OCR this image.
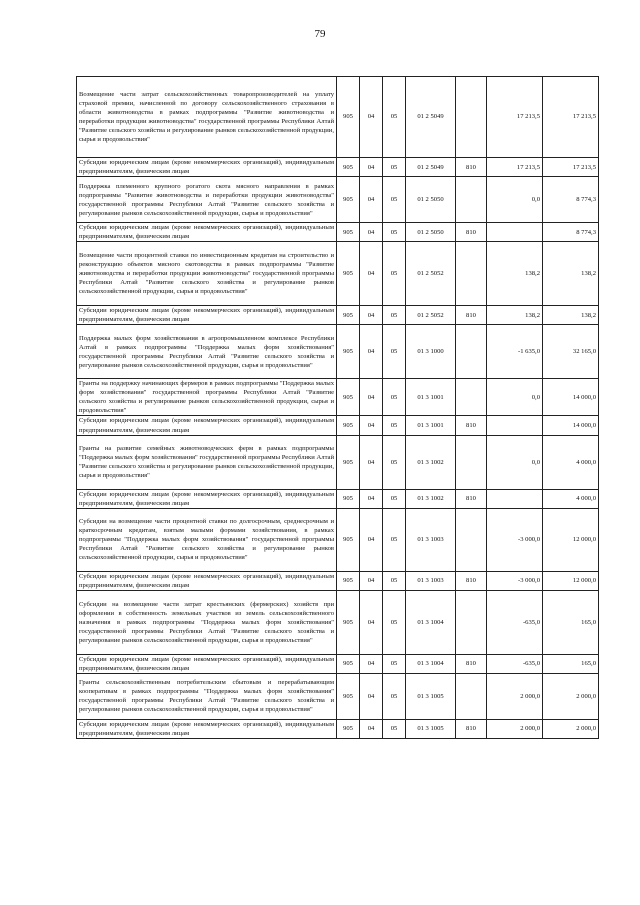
79
Возмещение части затрат сельскохозяйственных товаропроизводителей на уплату страховой премии, начисленной по договору сельскохозяйственного страхования в области животноводства в рамках подпрограммы "Развитие животноводства и переработки продукции животноводства" государственной программы Республики Алтай "Развитие сельского хозяйства и регулирование рынков сельскохозяйственной продукции, сырья и продовольствия"	905	04	05	01 2 5049		17 213,5	17 213,5
Субсидии юридическим лицам (кроме некоммерческих организаций), индивидуальным предпринимателям, физическим лицам	905	04	05	01 2 5049	810	17 213,5	17 213,5
Поддержка племенного крупного рогатого скота мясного направления в рамках подпрограммы "Развитие животноводства и переработки продукции животноводства" государственной программы Республики Алтай "Развитие сельского хозяйства и регулирование рынков сельскохозяйственной продукции, сырья и продовольствия"	905	04	05	01 2 5050		0,0	8 774,3
Субсидии юридическим лицам (кроме некоммерческих организаций), индивидуальным предпринимателям, физическим лицам	905	04	05	01 2 5050	810		8 774,3
Возмещение части процентной ставки по инвестиционным кредитам на строительство и реконструкцию объектов мясного скотоводства в рамках подпрограммы "Развитие животноводства и переработки продукции животноводства" государственной программы Республики Алтай "Развитие сельского хозяйства и регулирование рынков сельскохозяйственной продукции, сырья и продовольствия"	905	04	05	01 2 5052		138,2	138,2
Субсидии юридическим лицам (кроме некоммерческих организаций), индивидуальным предпринимателям, физическим лицам	905	04	05	01 2 5052	810	138,2	138,2
Поддержка малых форм хозяйствования в агропромышленном комплексе Республики Алтай в рамках подпрограммы "Поддержка малых форм хозяйствования" государственной программы Республики Алтай "Развитие сельского хозяйства и регулирование рынков сельскохозяйственной продукции, сырья и продовольствия"	905	04	05	01 3 1000		-1 635,0	32 165,0
Гранты на поддержку начинающих фермеров в рамках подпрограммы "Поддержка малых форм хозяйствования" государственной программы Республики Алтай "Развитие сельского хозяйства и регулирование рынков сельскохозяйственной продукции, сырья и продовольствия"	905	04	05	01 3 1001		0,0	14 000,0
Субсидии юридическим лицам (кроме некоммерческих организаций), индивидуальным предпринимателям, физическим лицам	905	04	05	01 3 1001	810		14 000,0
Гранты на развитие семейных животноводческих ферм в рамках подпрограммы "Поддержка малых форм хозяйствования" государственной программы Республики Алтай "Развитие сельского хозяйства и регулирование рынков сельскохозяйственной продукции, сырья и продовольствия"	905	04	05	01 3 1002		0,0	4 000,0
Субсидии юридическим лицам (кроме некоммерческих организаций), индивидуальным предпринимателям, физическим лицам	905	04	05	01 3 1002	810		4 000,0
Субсидии на возмещение части процентной ставки по долгосрочным, среднесрочным и краткосрочным кредитам, взятым малыми формами хозяйствования, в рамках подпрограммы "Поддержка малых форм хозяйствования" государственной программы Республики Алтай "Развитие сельского хозяйства и регулирование рынков сельскохозяйственной продукции, сырья и продовольствия"	905	04	05	01 3 1003		-3 000,0	12 000,0
Субсидии юридическим лицам (кроме некоммерческих организаций), индивидуальным предпринимателям, физическим лицам	905	04	05	01 3 1003	810	-3 000,0	12 000,0
Субсидии на возмещение части затрат крестьянских (фермерских) хозяйств при оформлении в собственность земельных участков из земель сельскохозяйственного назначения в рамках подпрограммы "Поддержка малых форм хозяйствования" государственной программы Республики Алтай "Развитие сельского хозяйства и регулирование рынков сельскохозяйственной продукции, сырья и продовольствия"	905	04	05	01 3 1004		-635,0	165,0
Субсидии юридическим лицам (кроме некоммерческих организаций), индивидуальным предпринимателям, физическим лицам	905	04	05	01 3 1004	810	-635,0	165,0
Гранты сельскохозяйственным потребительским сбытовым и перерабатывающим кооперативам в рамках подпрограммы "Поддержка малых форм хозяйствования" государственной программы Республики Алтай "Развитие сельского хозяйства и регулирование рынков сельскохозяйственной продукции, сырья и продовольствия"	905	04	05	01 3 1005		2 000,0	2 000,0
Субсидии юридическим лицам (кроме некоммерческих организаций), индивидуальным предпринимателям, физическим лицам	905	04	05	01 3 1005	810	2 000,0	2 000,0
